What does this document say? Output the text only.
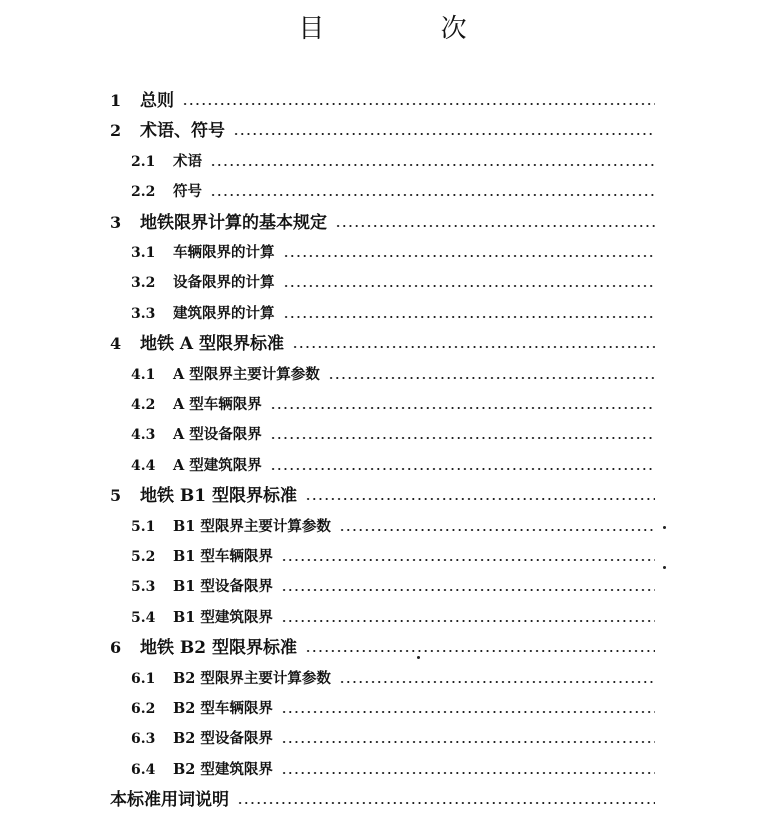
目 次
1	总则
2	术语、符号
2.1	术语
2.2	符号
3	地铁限界计算的基本规定
3.1	车辆限界的计算
3.2	设备限界的计算
3.3	建筑限界的计算
4	地铁 A 型限界标准
4.1	A 型限界主要计算参数
4.2	A 型车辆限界
4.3	A 型设备限界
4.4	A 型建筑限界
5	地铁 B1 型限界标准
5.1	B1 型限界主要计算参数
5.2	B1 型车辆限界
5.3	B1 型设备限界
5.4	B1 型建筑限界
6	地铁 B2 型限界标准
6.1	B2 型限界主要计算参数
6.2	B2 型车辆限界
6.3	B2 型设备限界
6.4	B2 型建筑限界
本标准用词说明
